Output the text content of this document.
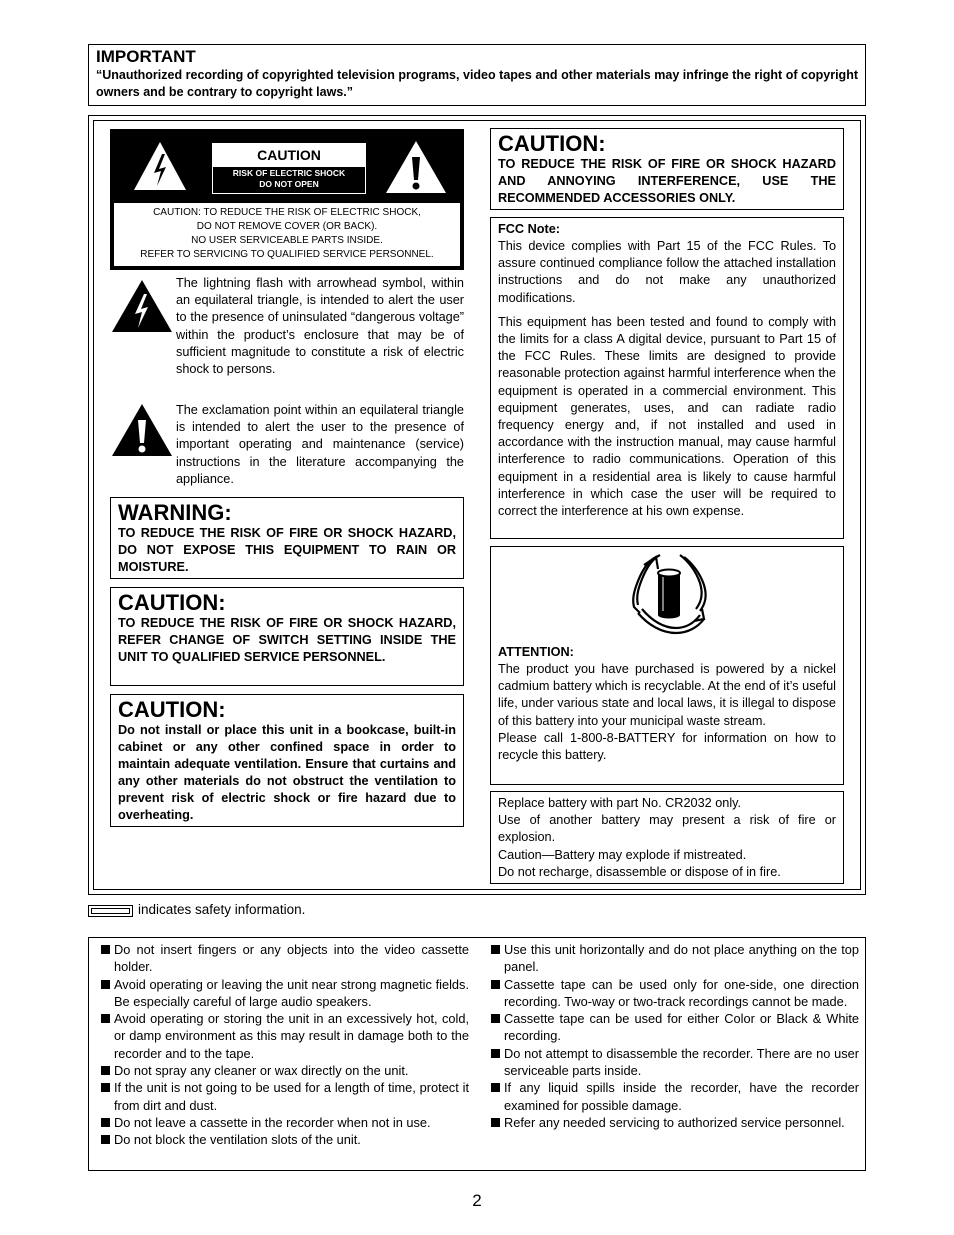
IMPORTANT
“Unauthorized recording of copyrighted television programs, video tapes and other materials may infringe the right of copyright owners and be contrary to copyright laws.”
CAUTION
RISK OF ELECTRIC SHOCK
DO NOT OPEN
CAUTION: TO REDUCE THE RISK OF ELECTRIC SHOCK,
DO NOT REMOVE COVER (OR BACK).
NO USER SERVICEABLE PARTS INSIDE.
REFER TO SERVICING TO QUALIFIED SERVICE PERSONNEL.
The lightning flash with arrowhead symbol, within an equilateral triangle, is intended to alert the user to the presence of uninsulated “dangerous voltage” within the product’s enclosure that may be of sufficient magnitude to constitute a risk of electric shock to persons.
The exclamation point within an equilateral triangle is intended to alert the user to the presence of important operating and maintenance (service) instructions in the literature accompanying the appliance.
WARNING:
TO REDUCE THE RISK OF FIRE OR SHOCK HAZARD, DO NOT EXPOSE THIS EQUIPMENT TO RAIN OR MOISTURE.
CAUTION:
TO REDUCE THE RISK OF FIRE OR SHOCK HAZARD, REFER CHANGE OF SWITCH SETTING INSIDE THE UNIT TO QUALIFIED SERVICE PERSONNEL.
CAUTION:
Do not install or place this unit in a bookcase, built-in cabinet or any other confined space in order to maintain adequate ventilation. Ensure that curtains and any other materials do not obstruct the ventilation to prevent risk of electric shock or fire hazard due to overheating.
CAUTION:
TO REDUCE THE RISK OF FIRE OR SHOCK HAZARD AND ANNOYING INTERFERENCE, USE THE RECOMMENDED ACCESSORIES ONLY.
FCC Note:
This device complies with Part 15 of the FCC Rules. To assure continued compliance follow the attached installation instructions and do not make any unauthorized modifications.
This equipment has been tested and found to comply with the limits for a class A digital device, pursuant to Part 15 of the FCC Rules. These limits are designed to provide reasonable protection against harmful interference when the equipment is operated in a commercial environment. This equipment generates, uses, and can radiate radio frequency energy and, if not installed and used in accordance with the instruction manual, may cause harmful interference to radio communications. Operation of this equipment in a residential area is likely to cause harmful interference in which case the user will be required to correct the interference at his own expense.
ATTENTION:
The product you have purchased is powered by a nickel cadmium battery which is recyclable. At the end of it’s useful life, under various state and local laws, it is illegal to dispose of this battery into your municipal waste stream.
Please call 1-800-8-BATTERY for information on how to recycle this battery.
Replace battery with part No. CR2032 only.
Use of another battery may present a risk of fire or explosion.
Caution—Battery may explode if mistreated.
Do not recharge, disassemble or dispose of in fire.
indicates safety information.
Do not insert fingers or any objects into the video cassette holder.
Avoid operating or leaving the unit near strong magnetic fields. Be especially careful of large audio speakers.
Avoid operating or storing the unit in an excessively hot, cold, or damp environment as this may result in damage both to the recorder and to the tape.
Do not spray any cleaner or wax directly on the unit.
If the unit is not going to be used for a length of time, protect it from dirt and dust.
Do not leave a cassette in the recorder when not in use.
Do not block the ventilation slots of the unit.
Use this unit horizontally and do not place anything on the top panel.
Cassette tape can be used only for one-side, one direction recording. Two-way or two-track recordings cannot be made.
Cassette tape can be used for either Color or Black & White recording.
Do not attempt to disassemble the recorder. There are no user serviceable parts inside.
If any liquid spills inside the recorder, have the recorder examined for possible damage.
Refer any needed servicing to authorized service personnel.
2
